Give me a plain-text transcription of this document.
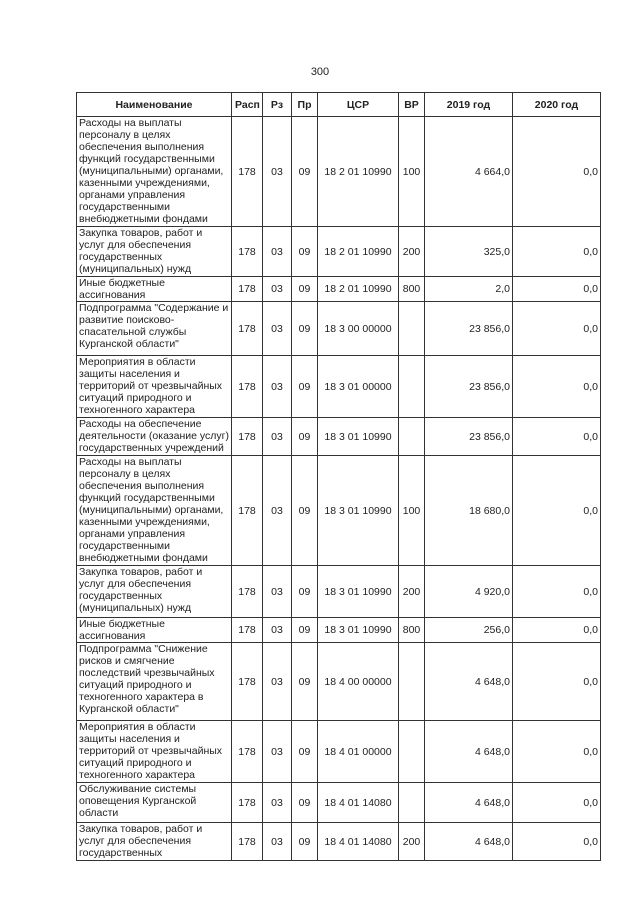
300
Наименование	Расп	Рз	Пр	ЦСР	ВР	2019 год	2020 год
Расходы на выплаты персоналу в целях обеспечения выполнения функций государственными (муниципальными) органами, казенными учреждениями, органами управления государственными внебюджетными фондами	178	03	09	18 2 01 10990	100	4 664,0	0,0
Закупка товаров, работ и услуг для обеспечения государственных (муниципальных) нужд	178	03	09	18 2 01 10990	200	325,0	0,0
Иные бюджетные ассигнования	178	03	09	18 2 01 10990	800	2,0	0,0
Подпрограмма "Содержание и развитие поисково-спасательной службы Курганской области"	178	03	09	18 3 00 00000		23 856,0	0,0
Мероприятия в области защиты населения и территорий от чрезвычайных ситуаций природного и техногенного характера	178	03	09	18 3 01 00000		23 856,0	0,0
Расходы на обеспечение деятельности (оказание услуг) государственных учреждений	178	03	09	18 3 01 10990		23 856,0	0,0
Расходы на выплаты персоналу в целях обеспечения выполнения функций государственными (муниципальными) органами, казенными учреждениями, органами управления государственными внебюджетными фондами	178	03	09	18 3 01 10990	100	18 680,0	0,0
Закупка товаров, работ и услуг для обеспечения государственных (муниципальных) нужд	178	03	09	18 3 01 10990	200	4 920,0	0,0
Иные бюджетные ассигнования	178	03	09	18 3 01 10990	800	256,0	0,0
Подпрограмма "Снижение рисков и смягчение последствий чрезвычайных ситуаций природного и техногенного характера в Курганской области"	178	03	09	18 4 00 00000		4 648,0	0,0
Мероприятия в области защиты населения и территорий от чрезвычайных ситуаций природного и техногенного характера	178	03	09	18 4 01 00000		4 648,0	0,0
Обслуживание системы оповещения Курганской области	178	03	09	18 4 01 14080		4 648,0	0,0
Закупка товаров, работ и услуг для обеспечения государственных	178	03	09	18 4 01 14080	200	4 648,0	0,0
